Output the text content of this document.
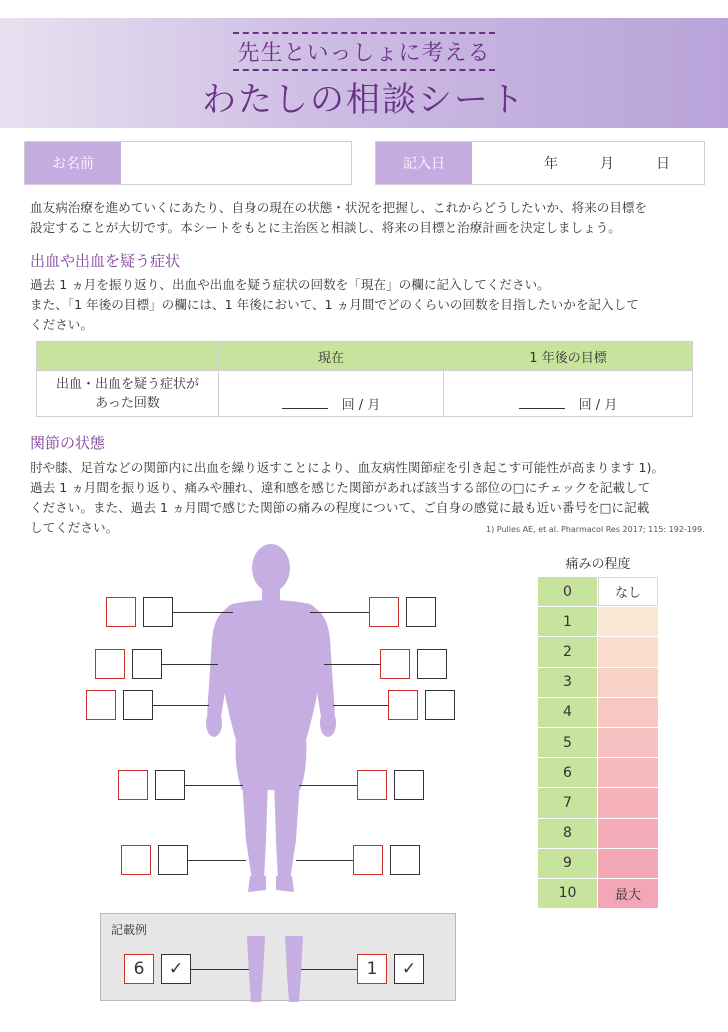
先生といっしょに考える
わたしの相談シート
お名前	記入日	年	月	日
血友病治療を進めていくにあたり、自身の現在の状態・状況を把握し、これからどうしたいか、将来の目標を
設定することが大切です。本シートをもとに主治医と相談し、将来の目標と治療計画を決定しましょう。
出血や出血を疑う症状
過去 1 ヵ月を振り返り、出血や出血を疑う症状の回数を「現在」の欄に記入してください。
また、「1 年後の目標」の欄には、1 年後において、1 ヵ月間でどのくらいの回数を目指したいかを記入して
ください。
	現在	1 年後の目標

出血・出血を疑う症状が
あった回数	回 / 月	回 / 月
関節の状態
肘や膝、足首などの関節内に出血を繰り返すことにより、血友病性関節症を引き起こす可能性が高まります 1)。
過去 1 ヵ月間を振り返り、痛みや腫れ、違和感を感じた関節があれば該当する部位の□にチェックを記載して
ください。また、過去 1 ヵ月間で感じた関節の痛みの程度について、ご自身の感覚に最も近い番号を□に記載
してください。	1) Pulles AE, et al. Pharmacol Res 2017; 115: 192-199.
痛みの程度
0	なし
1
2
3
4
5
6
7
8
9
10	最大
記載例
6	✓	1	✓
